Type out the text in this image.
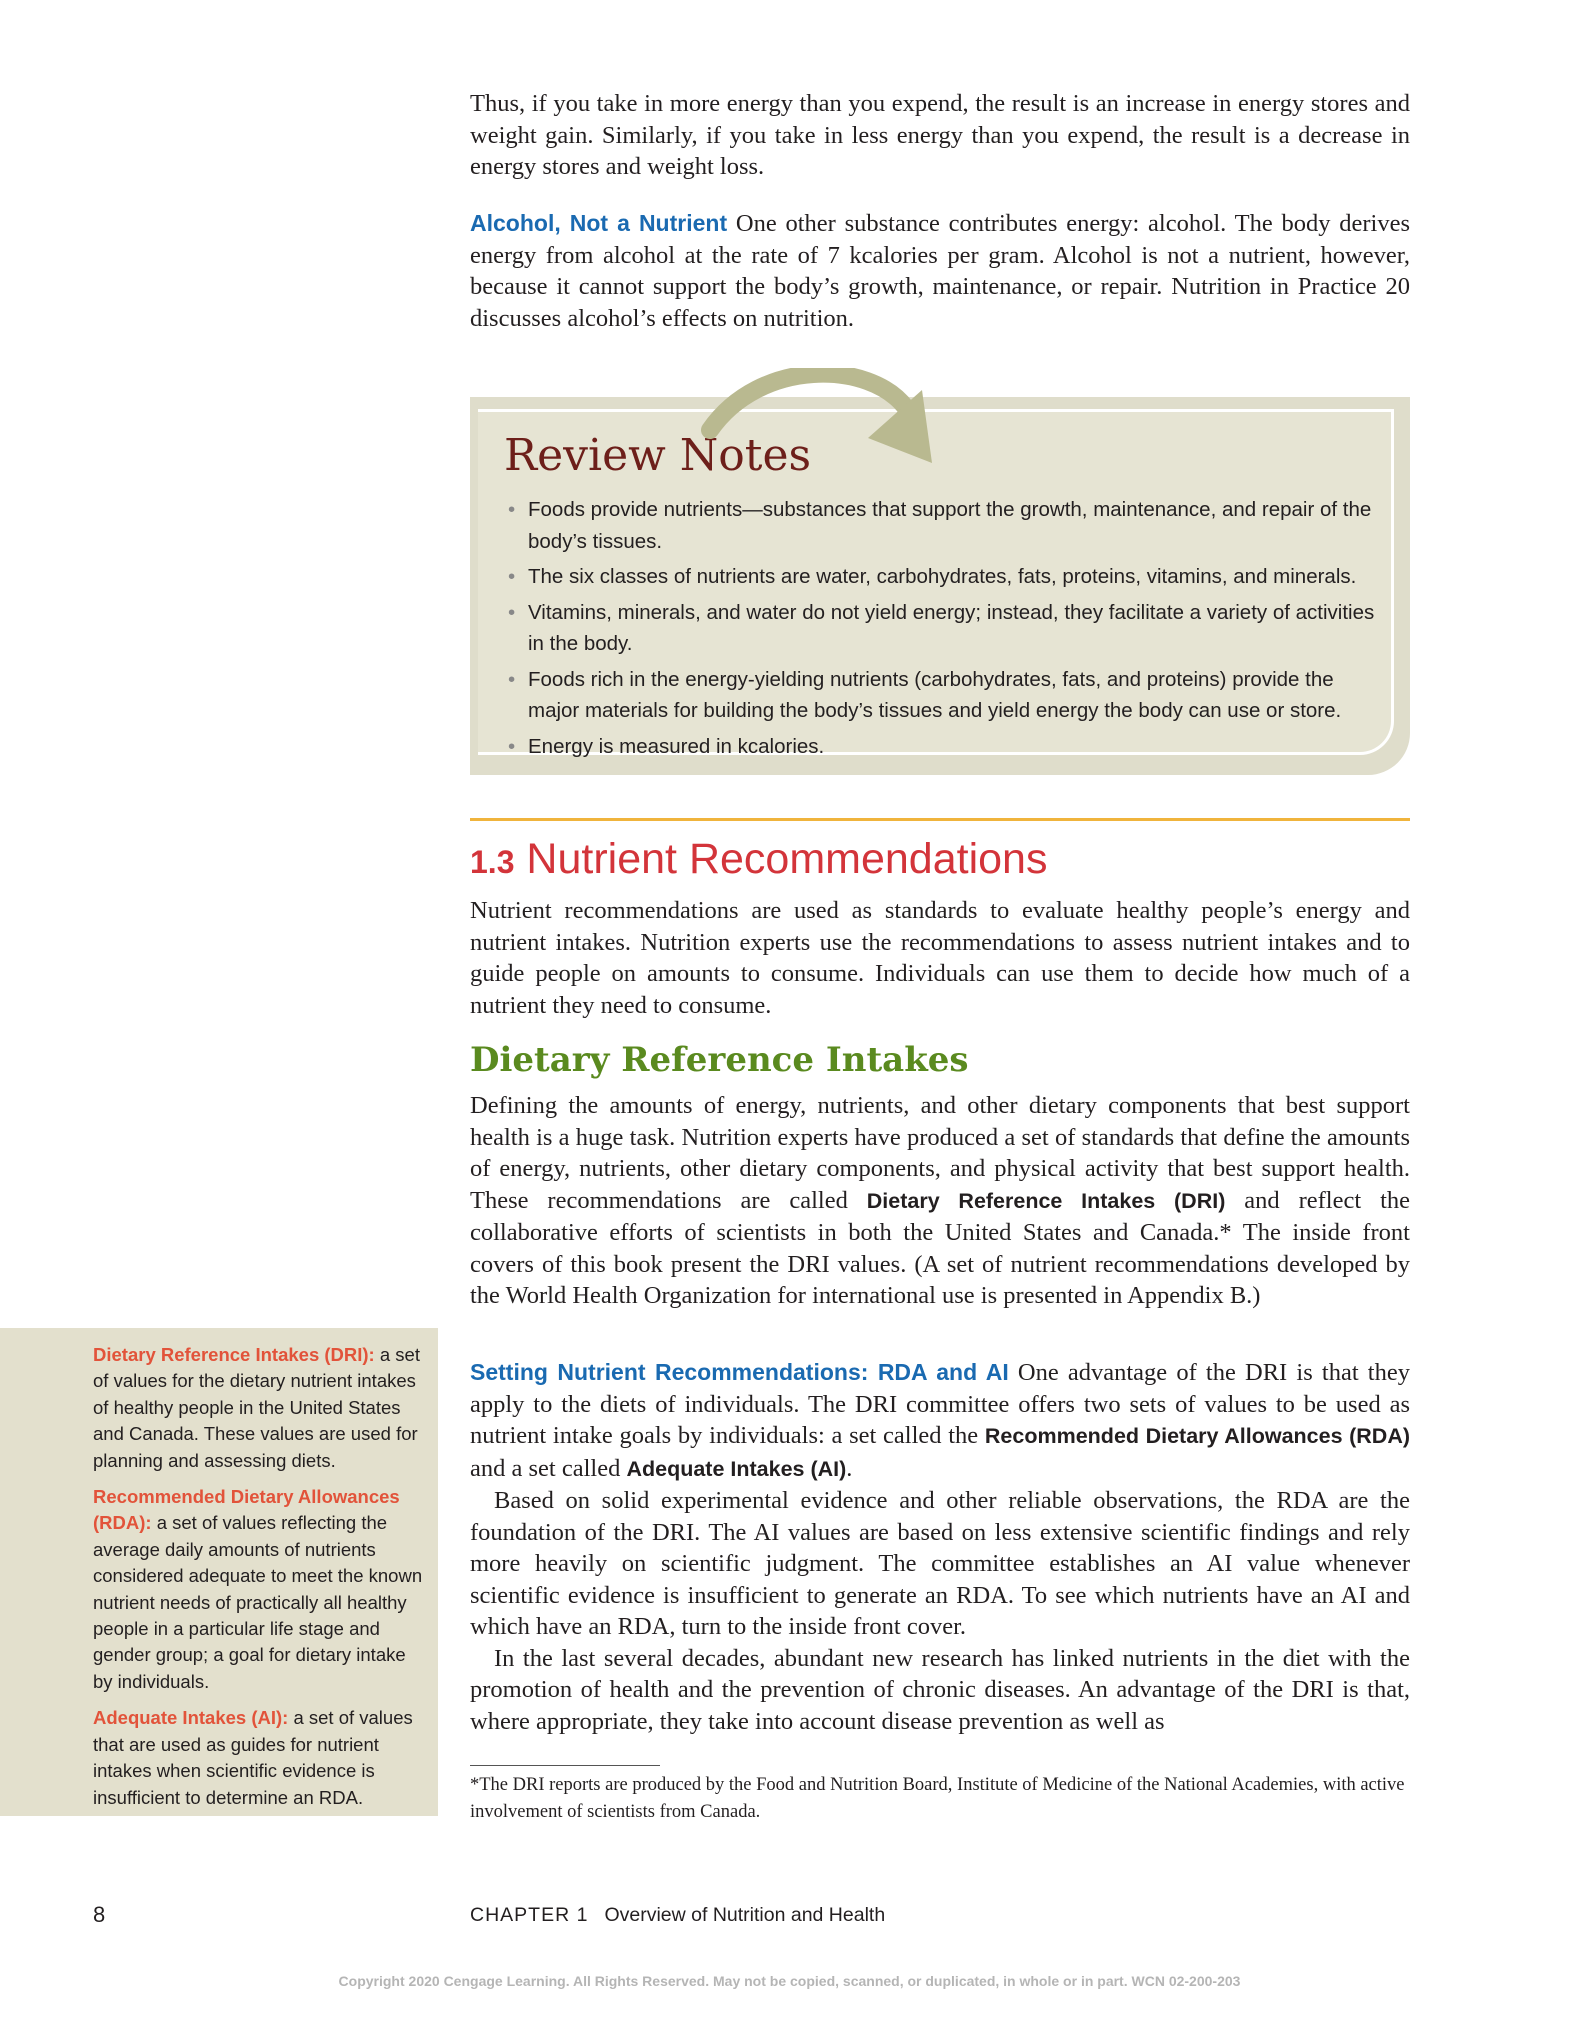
Thus, if you take in more energy than you expend, the result is an increase in energy stores and weight gain. Similarly, if you take in less energy than you expend, the result is a decrease in energy stores and weight loss.

Alcohol, Not a Nutrient One other substance contributes energy: alcohol. The body derives energy from alcohol at the rate of 7 kcalories per gram. Alcohol is not a nutrient, however, because it cannot support the body’s growth, maintenance, or repair. Nutrition in Practice 20 discusses alcohol’s effects on nutrition.

Review Notes
• Foods provide nutrients—substances that support the growth, maintenance, and repair of the body’s tissues.
• The six classes of nutrients are water, carbohydrates, fats, proteins, vitamins, and minerals.
• Vitamins, minerals, and water do not yield energy; instead, they facilitate a variety of activities in the body.
• Foods rich in the energy-yielding nutrients (carbohydrates, fats, and proteins) provide the major materials for building the body’s tissues and yield energy the body can use or store.
• Energy is measured in kcalories.
1.3 Nutrient Recommendations

Nutrient recommendations are used as standards to evaluate healthy people’s energy and nutrient intakes. Nutrition experts use the recommendations to assess nutrient intakes and to guide people on amounts to consume. Individuals can use them to decide how much of a nutrient they need to consume.

Dietary Reference Intakes

Defining the amounts of energy, nutrients, and other dietary components that best support health is a huge task. Nutrition experts have produced a set of standards that define the amounts of energy, nutrients, other dietary components, and physical activity that best support health. These recommendations are called Dietary Reference Intakes (DRI) and reflect the collaborative efforts of scientists in both the United States and Canada.* The inside front covers of this book present the DRI values. (A set of nutrient recommendations developed by the World Health Organization for international use is presented in Appendix B.)

Setting Nutrient Recommendations: RDA and AI One advantage of the DRI is that they apply to the diets of individuals. The DRI committee offers two sets of values to be used as nutrient intake goals by individuals: a set called the Recommended Dietary Allowances (RDA) and a set called Adequate Intakes (AI).

Based on solid experimental evidence and other reliable observations, the RDA are the foundation of the DRI. The AI values are based on less extensive scientific findings and rely more heavily on scientific judgment. The committee establishes an AI value whenever scientific evidence is insufficient to generate an RDA. To see which nutrients have an AI and which have an RDA, turn to the inside front cover.

In the last several decades, abundant new research has linked nutrients in the diet with the promotion of health and the prevention of chronic diseases. An advantage of the DRI is that, where appropriate, they take into account disease prevention as well as

Dietary Reference Intakes (DRI): a set of values for the dietary nutrient intakes of healthy people in the United States and Canada. These values are used for planning and assessing diets.

Recommended Dietary Allowances (RDA): a set of values reflecting the average daily amounts of nutrients considered adequate to meet the known nutrient needs of practically all healthy people in a particular life stage and gender group; a goal for dietary intake by individuals.

Adequate Intakes (AI): a set of values that are used as guides for nutrient intakes when scientific evidence is insufficient to determine an RDA.

*The DRI reports are produced by the Food and Nutrition Board, Institute of Medicine of the National Academies, with active involvement of scientists from Canada.
8	CHAPTER 1 Overview of Nutrition and Health
Copyright 2020 Cengage Learning. All Rights Reserved. May not be copied, scanned, or duplicated, in whole or in part. WCN 02-200-203
